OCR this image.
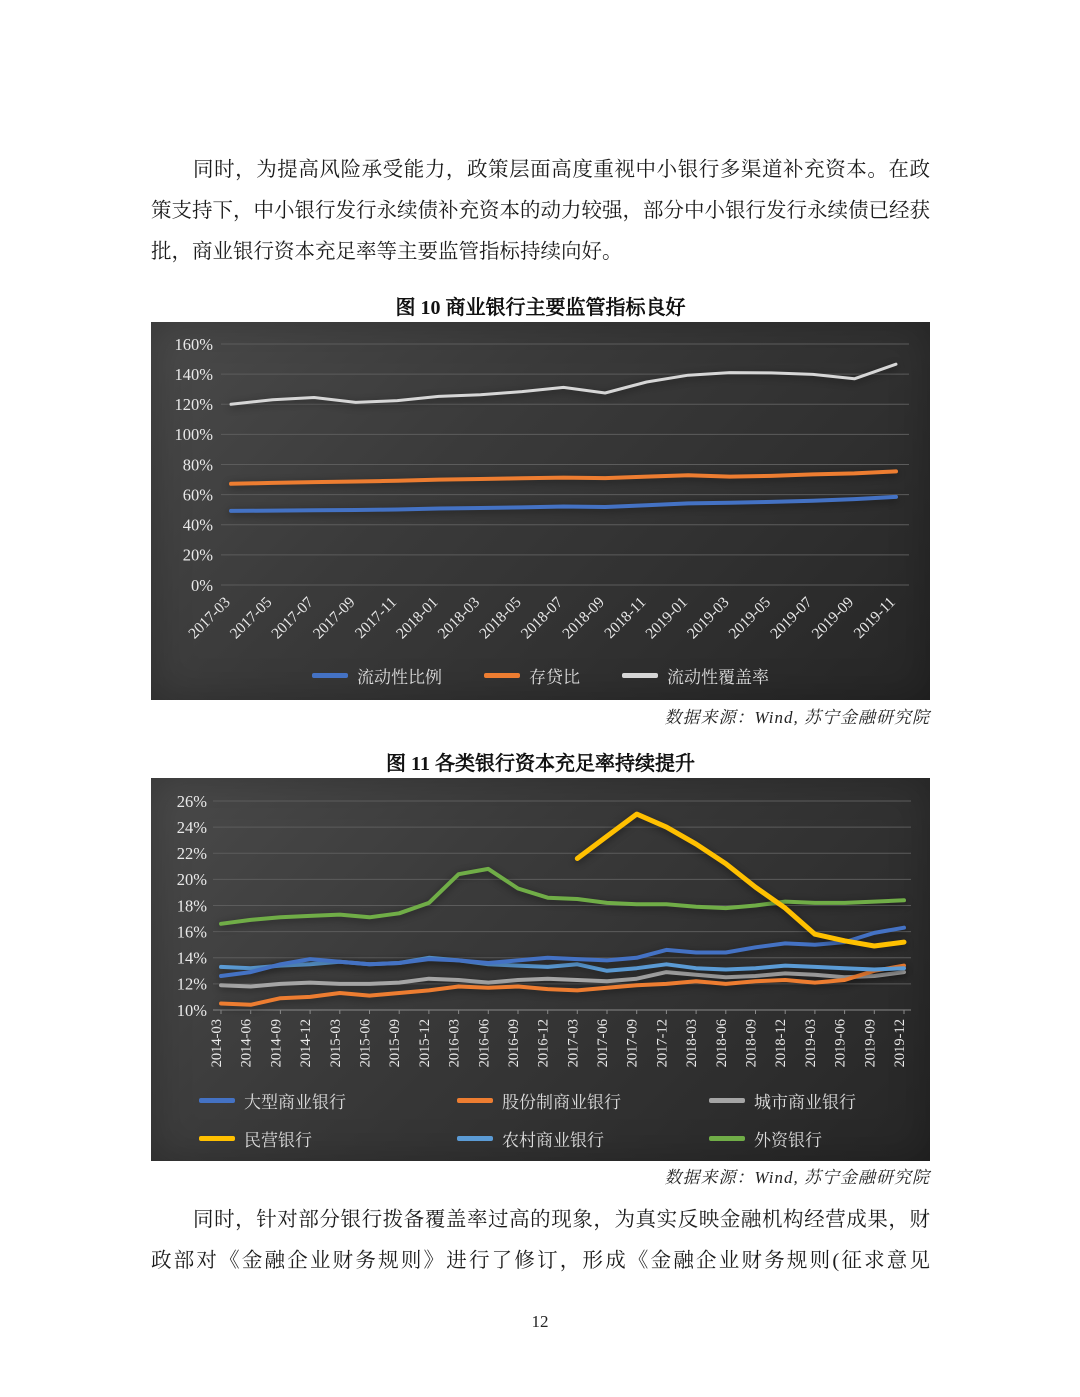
同时，为提高风险承受能力，政策层面高度重视中小银行多渠道补充资本。在政策支持下，中小银行发行永续债补充资本的动力较强，部分中小银行发行永续债已经获批，商业银行资本充足率等主要监管指标持续向好。

图 10 商业银行主要监管指标良好
0%
20%
40%
60%
80%
100%
120%
140%
160%
2017-03
2017-05
2017-07
2017-09
2017-11
2018-01
2018-03
2018-05
2018-07
2018-09
2018-11
2019-01
2019-03
2019-05
2019-07
2019-09
2019-11
流动性比例	存贷比	流动性覆盖率
数据来源：Wind, 苏宁金融研究院
图 11 各类银行资本充足率持续提升
10%
12%
14%
16%
18%
20%
22%
24%
26%
2014-03 2014-06 2014-09 2014-12 2015-03 2015-06 2015-09 2015-12 2016-03 2016-06 2016-09 2016-12 2017-03 2017-06 2017-09 2017-12 2018-03 2018-06 2018-09 2018-12 2019-03 2019-06 2019-09 2019-12
大型商业银行	股份制商业银行	城市商业银行
民营银行	农村商业银行	外资银行
数据来源：Wind, 苏宁金融研究院

同时，针对部分银行拨备覆盖率过高的现象，为真实反映金融机构经营成果，财政部对《金融企业财务规则》进行了修订，形成《金融企业财务规则(征求意见

12
